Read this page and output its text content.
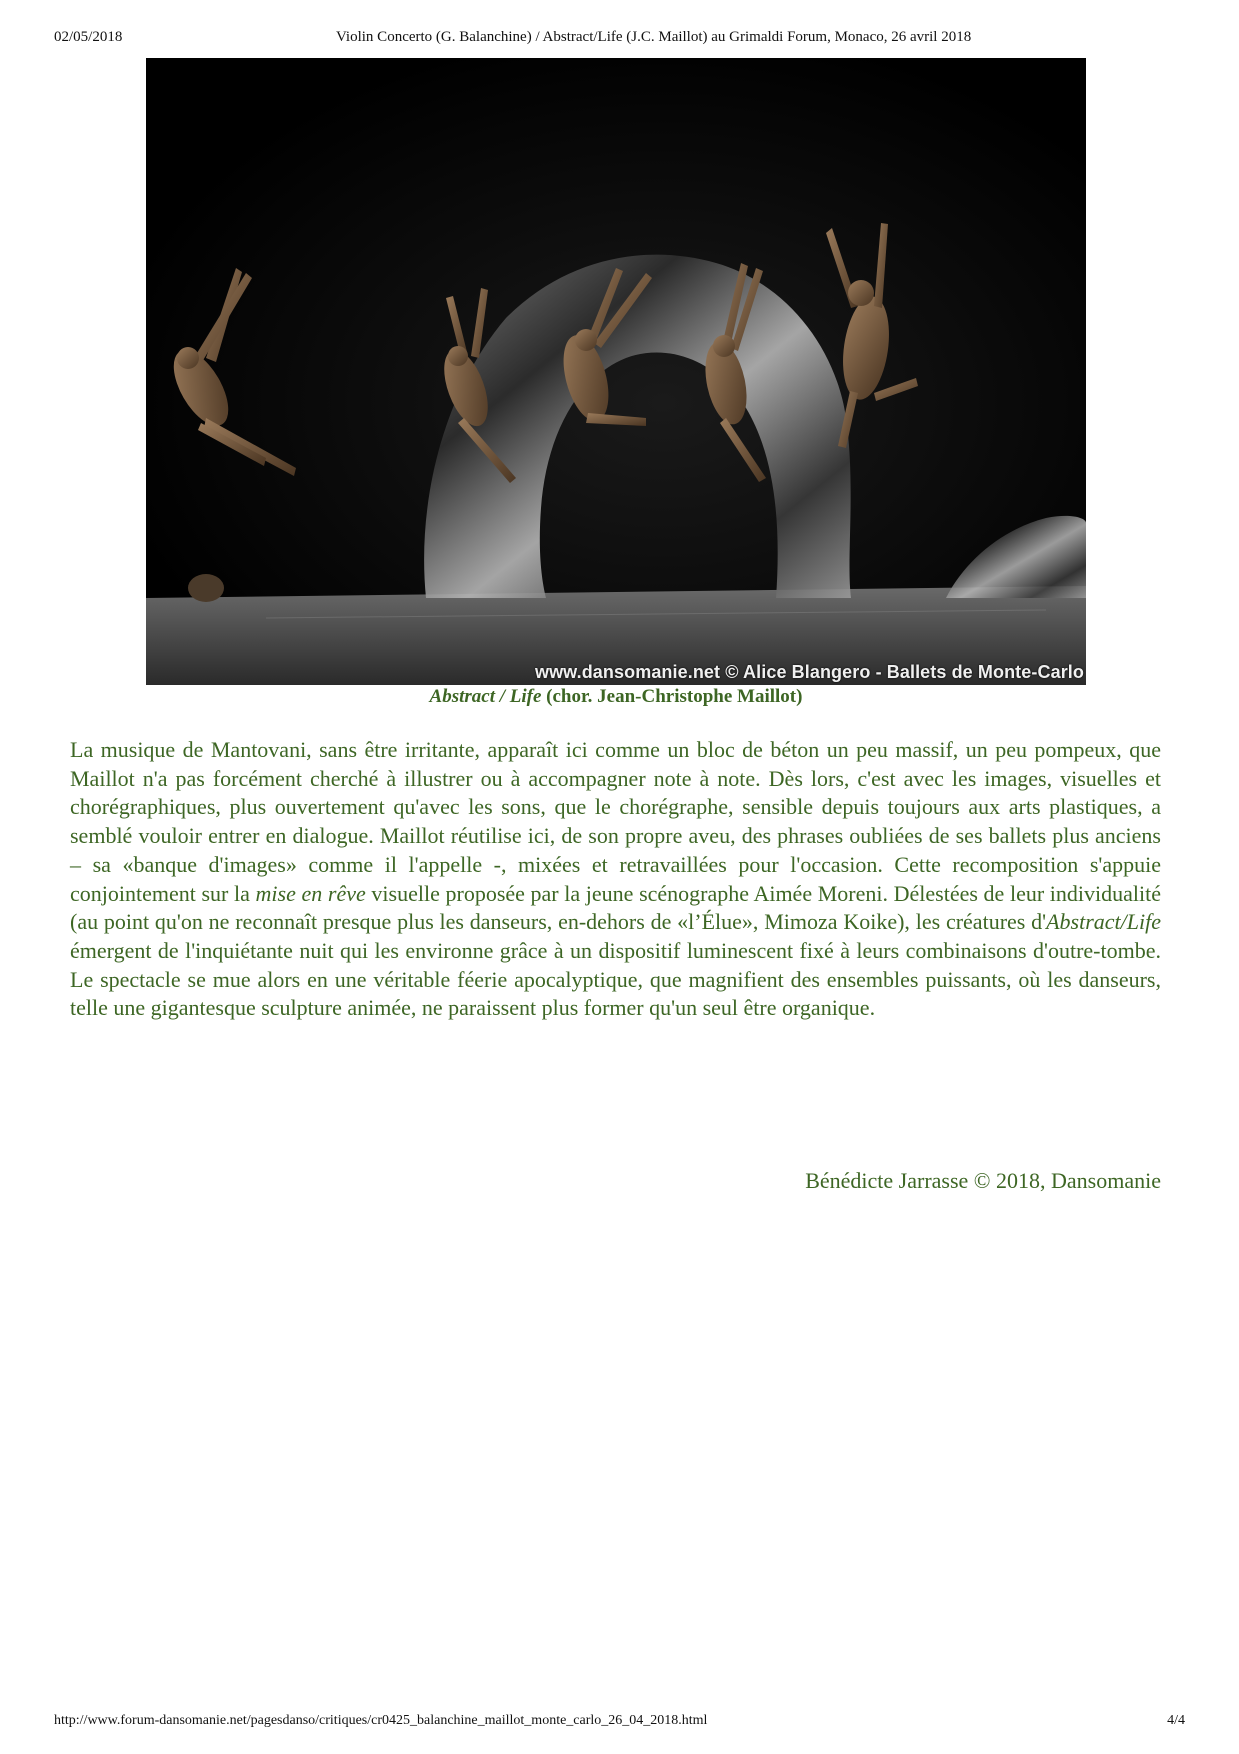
02/05/2018	Violin Concerto (G. Balanchine) / Abstract/Life (J.C. Maillot) au Grimaldi Forum, Monaco, 26 avril 2018
www.dansomanie.net © Alice Blangero - Ballets de Monte-Carlo
Abstract / Life (chor. Jean-Christophe Maillot)

La musique de Mantovani, sans être irritante, apparaît ici comme un bloc de béton un peu massif, un peu pompeux, que Maillot n'a pas forcément cherché à illustrer ou à accompagner note à note. Dès lors, c'est avec les images, visuelles et chorégraphiques, plus ouvertement qu'avec les sons, que le chorégraphe, sensible depuis toujours aux arts plastiques, a semblé vouloir entrer en dialogue. Maillot réutilise ici, de son propre aveu, des phrases oubliées de ses ballets plus anciens – sa «banque d'images» comme il l'appelle -, mixées et retravaillées pour l'occasion. Cette recomposition s'appuie conjointement sur la mise en rêve visuelle proposée par la jeune scénographe Aimée Moreni. Délestées de leur individualité (au point qu'on ne reconnaît presque plus les danseurs, en-dehors de «l’Élue», Mimoza Koike), les créatures d'Abstract/Life émergent de l'inquiétante nuit qui les environne grâce à un dispositif luminescent fixé à leurs combinaisons d'outre-tombe. Le spectacle se mue alors en une véritable féerie apocalyptique, que magnifient des ensembles puissants, où les danseurs, telle une gigantesque sculpture animée, ne paraissent plus former qu'un seul être organique.

Bénédicte Jarrasse © 2018, Dansomanie
http://www.forum-dansomanie.net/pagesdanso/critiques/cr0425_balanchine_maillot_monte_carlo_26_04_2018.html	4/4
